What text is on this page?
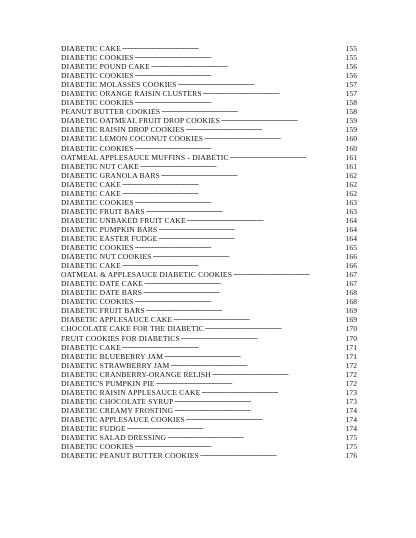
DIABETIC CAKE . . .	155
DIABETIC COOKIES . . .	155
DIABETIC POUND CAKE . . .	156
DIABETIC COOKIES . . .	156
DIABETIC MOLASSES COOKIES . . .	157
DIABETIC ORANGE RAISIN CLUSTERS . . .	157
DIABETIC COOKIES . . .	158
PEANUT BUTTER COOKIES . . .	158
DIABETIC OATMEAL FRUIT DROP COOKIES . . .	159
DIABETIC RAISIN DROP COOKIES . . .	159
DIABETIC LEMON COCONUT COOKIES . . .	160
DIABETIC COOKIES . . .	160
OATMEAL APPLESAUCE MUFFINS - DIABETIC . . .	161
DIABETIC NUT CAKE . . .	161
DIABETIC GRANOLA BARS . . .	162
DIABETIC CAKE . . .	162
DIABETIC CAKE . . .	162
DIABETIC COOKIES . . .	163
DIABETIC FRUIT BARS . . .	163
DIABETIC UNBAKED FRUIT CAKE . . .	164
DIABETIC PUMPKIN BARS . . .	164
DIABETIC EASTER FUDGE . . .	164
DIABETIC COOKIES . . .	165
DIABETIC NUT COOKIES . . .	166
DIABETIC CAKE . . .	166
OATMEAL & APPLESAUCE DIABETIC COOKIES . . .	167
DIABETIC DATE CAKE . . .	167
DIABETIC DATE BARS . . .	168
DIABETIC COOKIES . . .	168
DIABETIC FRUIT BARS . . .	169
DIABETIC APPLESAUCE CAKE . . .	169
CHOCOLATE CAKE FOR THE DIABETIC . . .	170
FRUIT COOKIES FOR DIABETICS . . .	170
DIABETIC CAKE . . .	171
DIABETIC BLUEBERRY JAM . . .	171
DIABETIC STRAWBERRY JAM . . .	172
DIABETIC CRANBERRY-ORANGE RELISH . . .	172
DIABETIC'S PUMPKIN PIE . . .	172
DIABETIC RAISIN APPLESAUCE CAKE . . .	173
DIABETIC CHOCOLATE SYRUP . . .	173
DIABETIC CREAMY FROSTING . . .	174
DIABETIC APPLESAUCE COOKIES . . .	174
DIABETIC FUDGE . . .	174
DIABETIC SALAD DRESSING . . .	175
DIABETIC COOKIES . . .	175
DIABETIC PEANUT BUTTER COOKIES . . .	176
